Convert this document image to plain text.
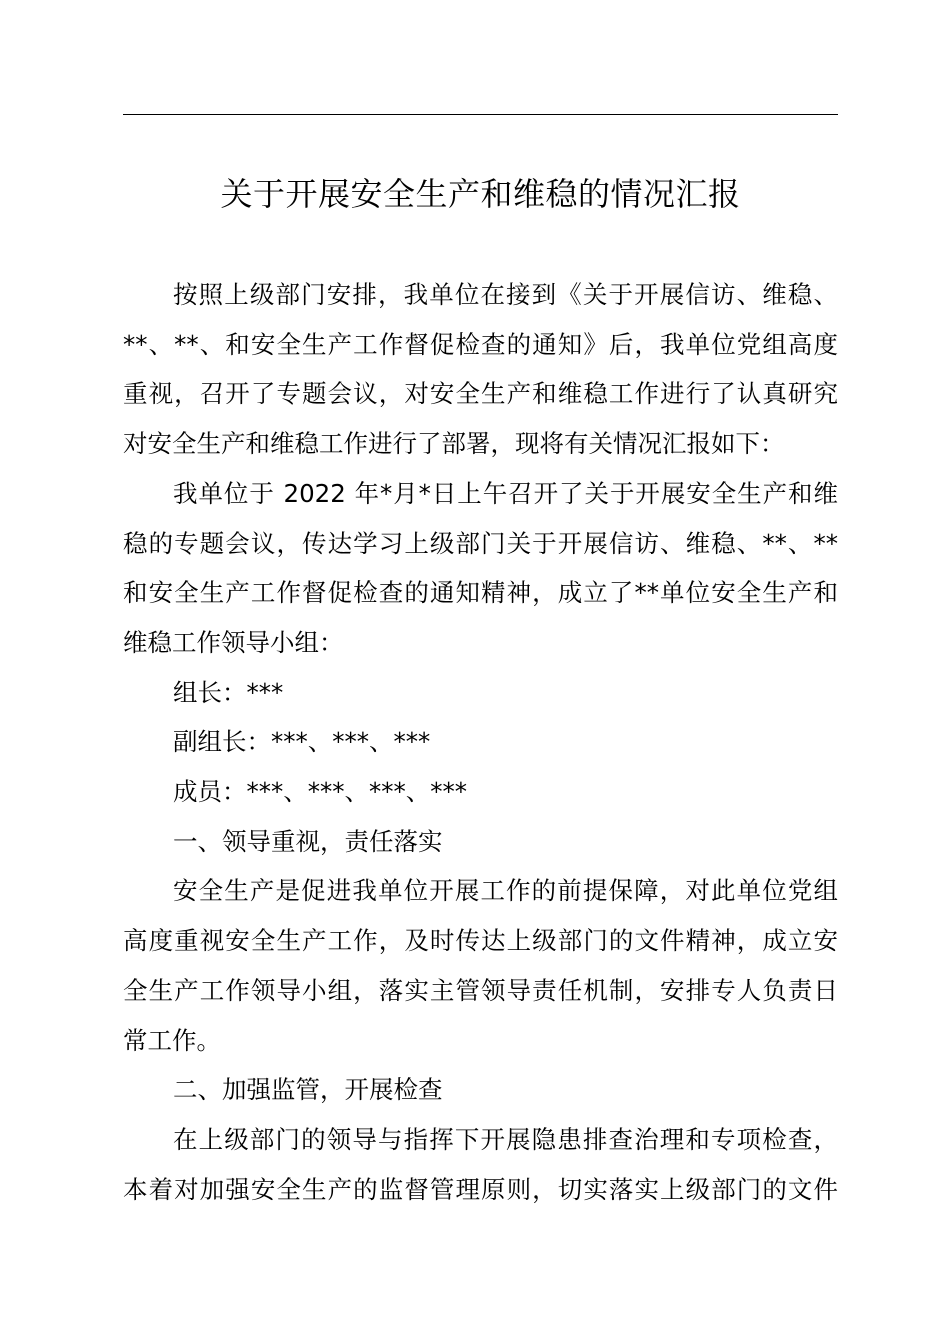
关于开展安全生产和维稳的情况汇报

按照上级部门安排，我单位在接到《关于开展信访、维稳、
**、**、和安全生产工作督促检查的通知》后，我单位党组高度
重视，召开了专题会议，对安全生产和维稳工作进行了认真研究
对安全生产和维稳工作进行了部署，现将有关情况汇报如下：

我单位于 2022 年*月*日上午召开了关于开展安全生产和维
稳的专题会议，传达学习上级部门关于开展信访、维稳、**、**
和安全生产工作督促检查的通知精神，成立了**单位安全生产和
维稳工作领导小组：

组长：***

副组长：***、***、***

成员：***、***、***、***

一、领导重视，责任落实

安全生产是促进我单位开展工作的前提保障，对此单位党组
高度重视安全生产工作，及时传达上级部门的文件精神，成立安
全生产工作领导小组，落实主管领导责任机制，安排专人负责日
常工作。

二、加强监管，开展检查

在上级部门的领导与指挥下开展隐患排查治理和专项检查，
本着对加强安全生产的监督管理原则，切实落实上级部门的文件
